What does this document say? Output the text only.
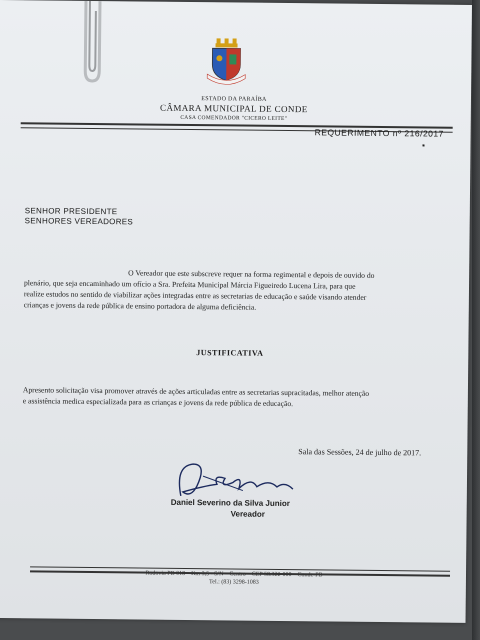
ESTADO DA PARAÍBA
CÂMARA MUNICIPAL DE CONDE
CASA COMENDADOR "CICERO LEITE"
REQUERIMENTO nº 216/2017
SENHOR PRESIDENTE
SENHORES VEREADORES
O Vereador que este subscreve requer na forma regimental e depois de ouvido do
plenário, que seja encaminhado um ofício a Sra. Prefeita Municipal Márcia Figueiredo Lucena Lira, para que
realize estudos no sentido de viabilizar ações integradas entre as secretarias de educação e saúde visando atender
crianças e jovens da rede pública de ensino portadora de alguma deficiência.
JUSTIFICATIVA
Apresento solicitação visa promover através de ações articuladas entre as secretarias supracitadas, melhor atenção
e assistência medica especializada para as crianças e jovens da rede pública de educação.
Sala das Sessões, 24 de julho de 2017.
Daniel Severino da Silva Junior
Vereador
Rodovia PB 018 – Km 3,5 - S/N – Centro – CEP 58.322-000 – Conde-PB
Tel.: (83) 3298-1083
